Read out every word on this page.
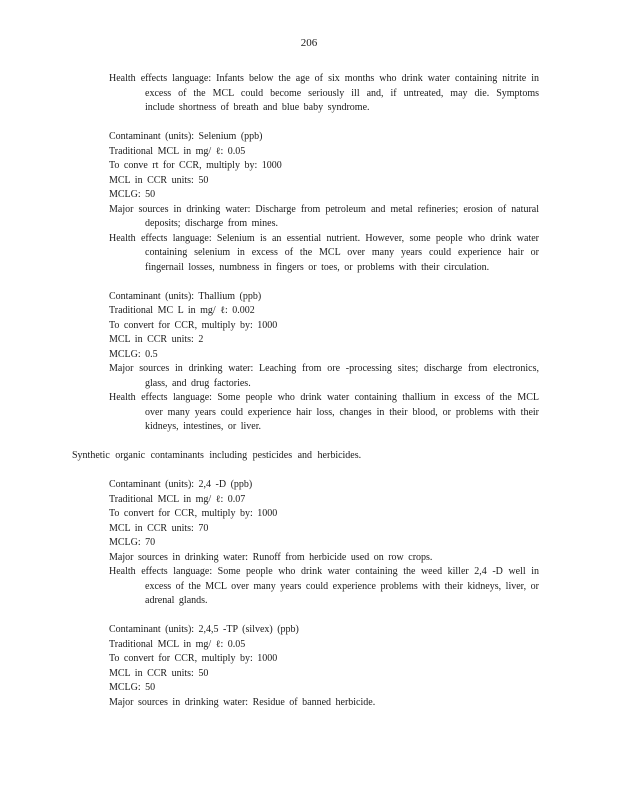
206

Health effects language: Infants below the age of six months who drink water containing nitrite in excess of the MCL could become seriously ill and, if untreated, may die. Symptoms include shortness of breath and blue baby syndrome.

Contaminant (units): Selenium (ppb)

Traditional MCL in mg/ ℓ: 0.05

To conve rt for CCR, multiply by: 1000

MCL in CCR units: 50

MCLG: 50

Major sources in drinking water: Discharge from petroleum and metal refineries; erosion of natural deposits; discharge from mines.

Health effects language: Selenium is an essential nutrient. However, some people who drink water containing selenium in excess of the MCL over many years could experience hair or fingernail losses, numbness in fingers or toes, or problems with their circulation.

Contaminant (units): Thallium (ppb)

Traditional MC L in mg/ ℓ: 0.002

To convert for CCR, multiply by: 1000

MCL in CCR units: 2

MCLG: 0.5

Major sources in drinking water: Leaching from ore -processing sites; discharge from electronics, glass, and drug factories.

Health effects language: Some people who drink water containing thallium in excess of the MCL over many years could experience hair loss, changes in their blood, or problems with their kidneys, intestines, or liver.

Synthetic organic contaminants including pesticides and herbicides.

Contaminant (units): 2,4 -D (ppb)

Traditional MCL in mg/ ℓ: 0.07

To convert for CCR, multiply by: 1000

MCL in CCR units: 70

MCLG: 70

Major sources in drinking water: Runoff from herbicide used on row crops.

Health effects language: Some people who drink water containing the weed killer 2,4 -D well in excess of the MCL over many years could experience problems with their kidneys, liver, or adrenal glands.

Contaminant (units): 2,4,5 -TP (silvex) (ppb)

Traditional MCL in mg/ ℓ: 0.05

To convert for CCR, multiply by: 1000

MCL in CCR units: 50

MCLG: 50

Major sources in drinking water: Residue of banned herbicide.
